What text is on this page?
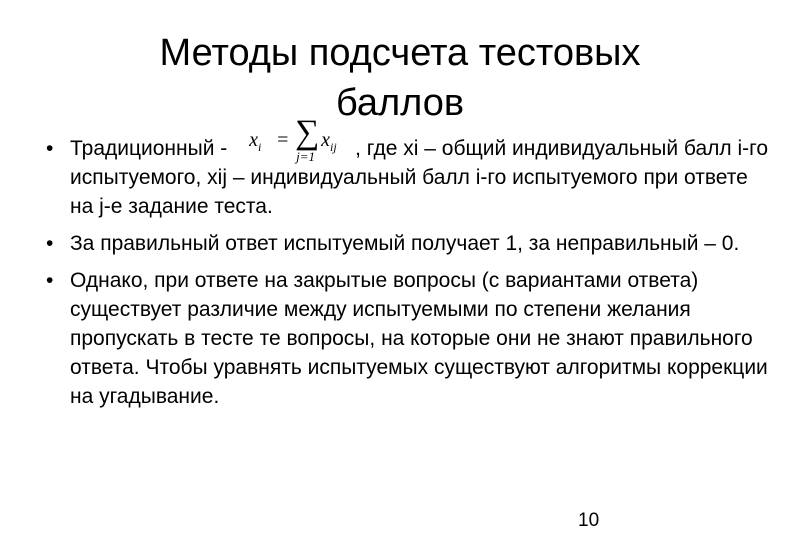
Методы подсчета тестовых
баллов
• Традиционный - $x_i$ = ∑
j=1
$x_{ij}$ , где xi – общий индивидуальный балл i-го испытуемого, xij – индивидуальный балл i-го испытуемого при ответе на j-е задание теста.
• За правильный ответ испытуемый получает 1, за неправильный – 0.
• Однако, при ответе на закрытые вопросы (с вариантами ответа) существует различие между испытуемыми по степени желания пропускать в тесте те вопросы, на которые они не знают правильного ответа. Чтобы уравнять испытуемых существуют алгоритмы коррекции на угадывание.
10
